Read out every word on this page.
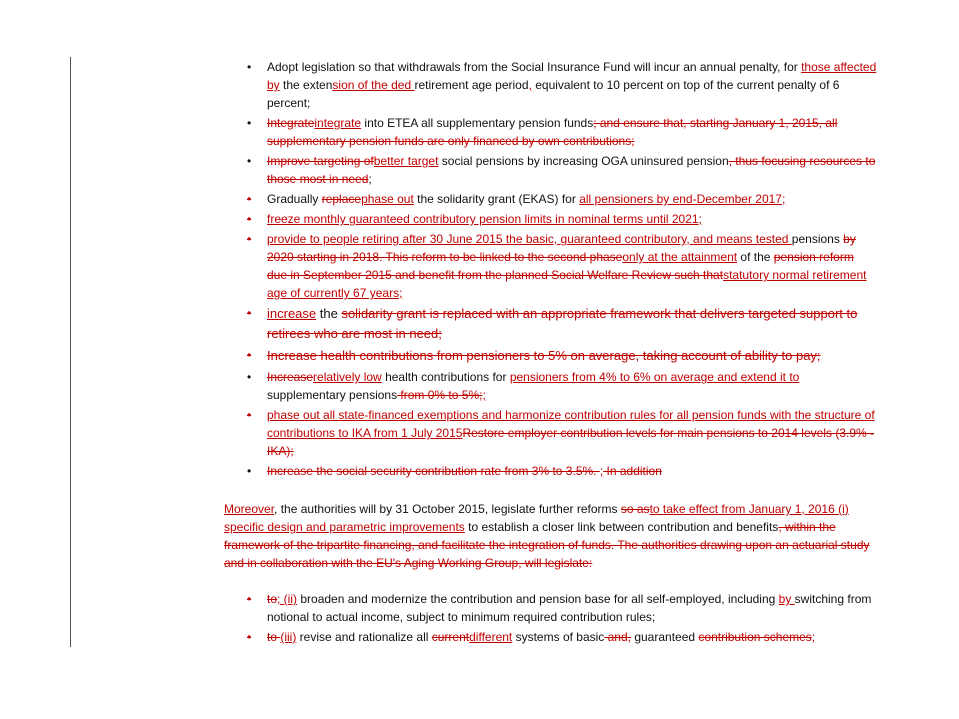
• Adopt legislation so that withdrawals from the Social Insurance Fund will incur an annual penalty, for those affected by the extension of the ded retirement age period, equivalent to 10 percent on top of the current penalty of 6 percent;
• Integrateintegrate into ETEA all supplementary pension funds; and ensure that, starting January 1, 2015, all supplementary pension funds are only financed by own contributions;
• Improve targeting ofbetter target social pensions by increasing OGA uninsured pension, thus focusing resources to those most in need;
• Gradually replacephase out the solidarity grant (EKAS) for all pensioners by end-December 2017;
• freeze monthly guaranteed contributory pension limits in nominal terms until 2021;
• provide to people retiring after 30 June 2015 the basic, guaranteed contributory, and means tested pensions by 2020 starting in 2018. This reform to be linked to the second phaseonly at the attainment of the pension reform due in September 2015 and benefit from the planned Social Welfare Review such thatstatutory normal retirement age of currently 67 years;
• increase the solidarity grant is replaced with an appropriate framework that delivers targeted support to retirees who are most in need;
• Increase health contributions from pensioners to 5% on average, taking account of ability to pay;
• Increaserelatively low health contributions for pensioners from 4% to 6% on average and extend it to supplementary pensions from 0% to 5%;;
• phase out all state-financed exemptions and harmonize contribution rules for all pension funds with the structure of contributions to IKA from 1 July 2015Restore employer contribution levels for main pensions to 2014 levels (3.9% - IKA);
• Increase the social security contribution rate from 3% to 3.5%. ; In addition

Moreover, the authorities will by 31 October 2015, legislate further reforms so asto take effect from January 1, 2016 (i) specific design and parametric improvements to establish a closer link between contribution and benefits, within the framework of the tripartite financing, and facilitate the integration of funds. The authorities drawing upon an actuarial study and in collaboration with the EU's Aging Working Group, will legislate:

• to; (ii) broaden and modernize the contribution and pension base for all self-employed, including by switching from notional to actual income, subject to minimum required contribution rules;
• to (iii) revise and rationalize all currentdifferent systems of basic and, guaranteed contribution schemes;
